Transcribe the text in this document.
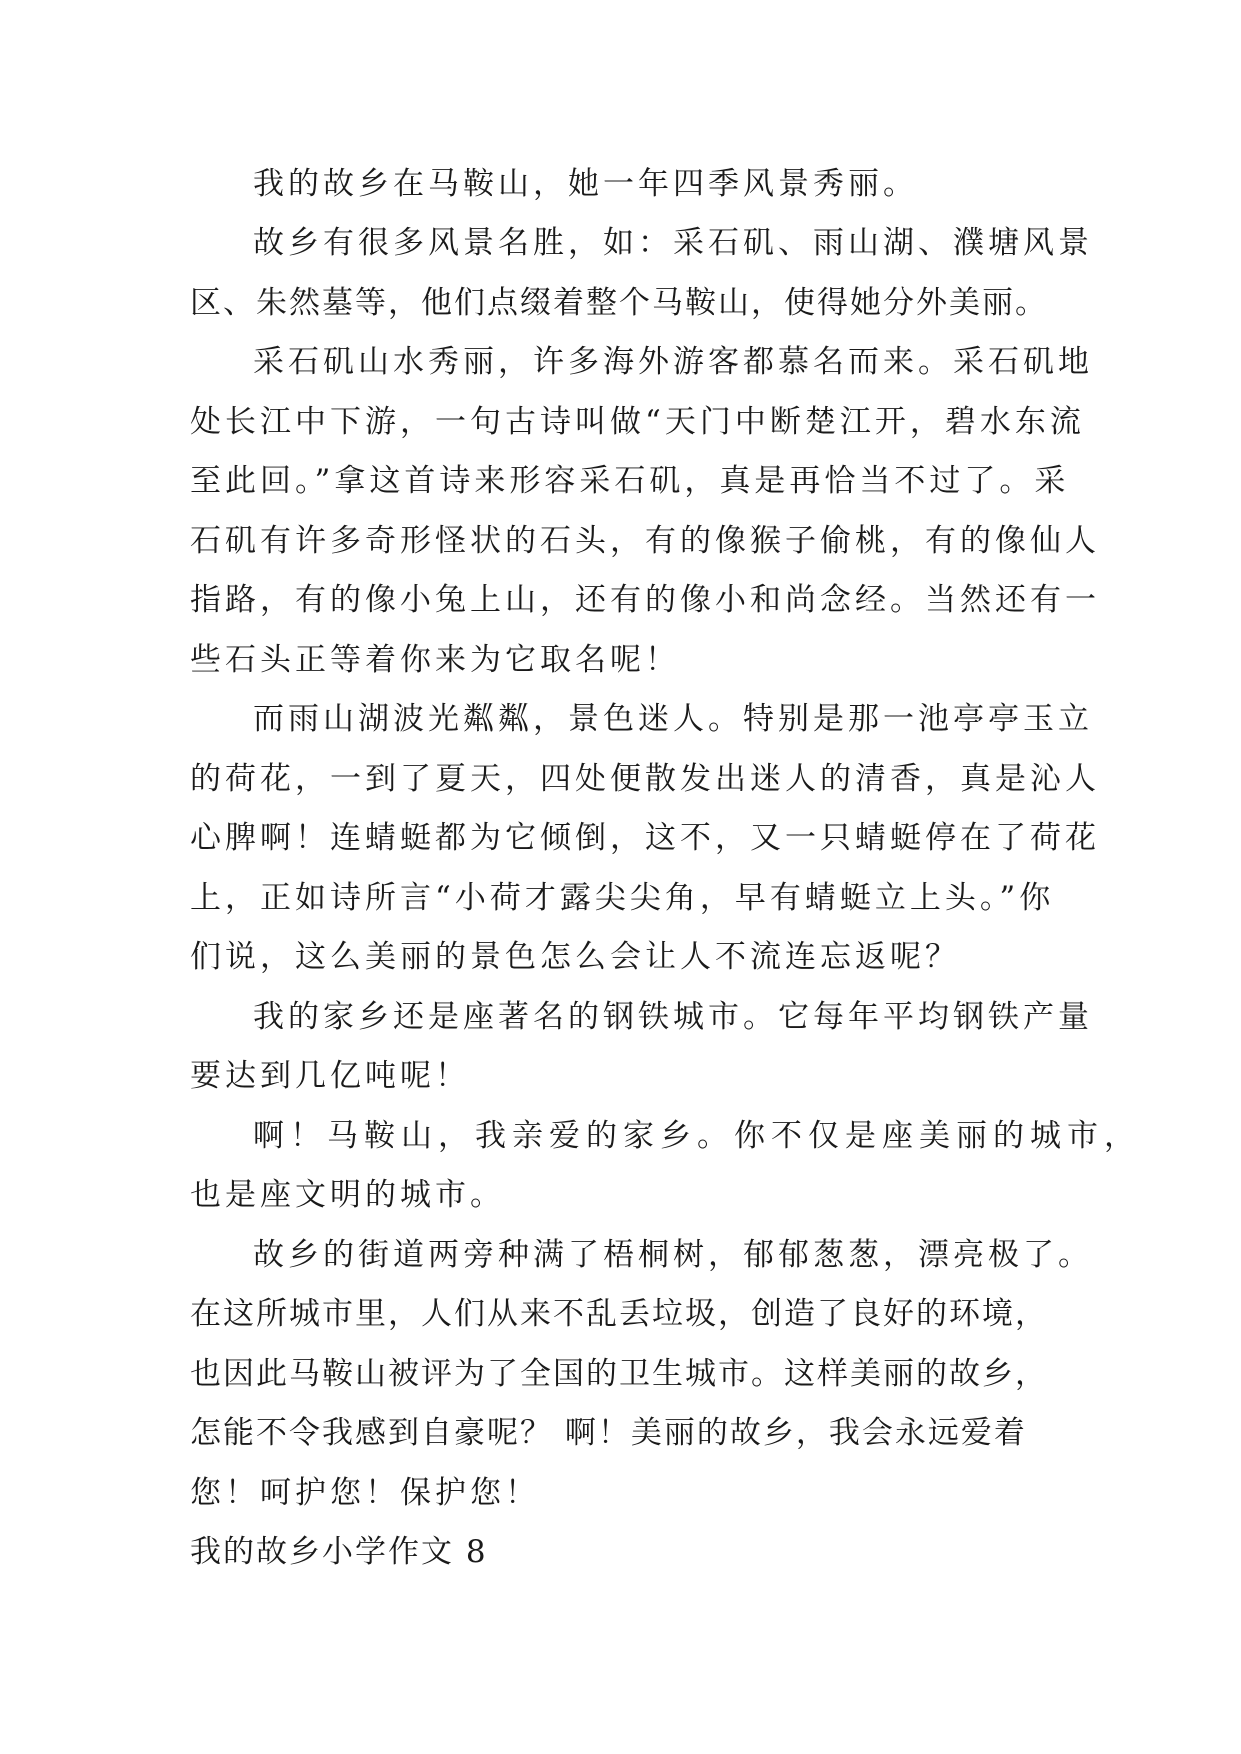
我的故乡在马鞍山，她一年四季风景秀丽。

故乡有很多风景名胜，如：采石矶、雨山湖、濮塘风景

区、朱然墓等，他们点缀着整个马鞍山，使得她分外美丽。

采石矶山水秀丽，许多海外游客都慕名而来。采石矶地

处长江中下游，一句古诗叫做“天门中断楚江开，碧水东流

至此回。”拿这首诗来形容采石矶，真是再恰当不过了。采

石矶有许多奇形怪状的石头，有的像猴子偷桃，有的像仙人

指路，有的像小兔上山，还有的像小和尚念经。当然还有一

些石头正等着你来为它取名呢！

而雨山湖波光粼粼，景色迷人。特别是那一池亭亭玉立

的荷花，一到了夏天，四处便散发出迷人的清香，真是沁人

心脾啊！连蜻蜓都为它倾倒，这不，又一只蜻蜓停在了荷花

上，正如诗所言“小荷才露尖尖角，早有蜻蜓立上头。”你

们说，这么美丽的景色怎么会让人不流连忘返呢？

我的家乡还是座著名的钢铁城市。它每年平均钢铁产量

要达到几亿吨呢！

啊！马鞍山，我亲爱的家乡。你不仅是座美丽的城市，

也是座文明的城市。

故乡的街道两旁种满了梧桐树，郁郁葱葱，漂亮极了。

在这所城市里，人们从来不乱丢垃圾，创造了良好的环境，

也因此马鞍山被评为了全国的卫生城市。这样美丽的故乡，

怎能不令我感到自豪呢？ 啊！美丽的故乡，我会永远爱着

您！呵护您！保护您！

我的故乡小学作文 8
